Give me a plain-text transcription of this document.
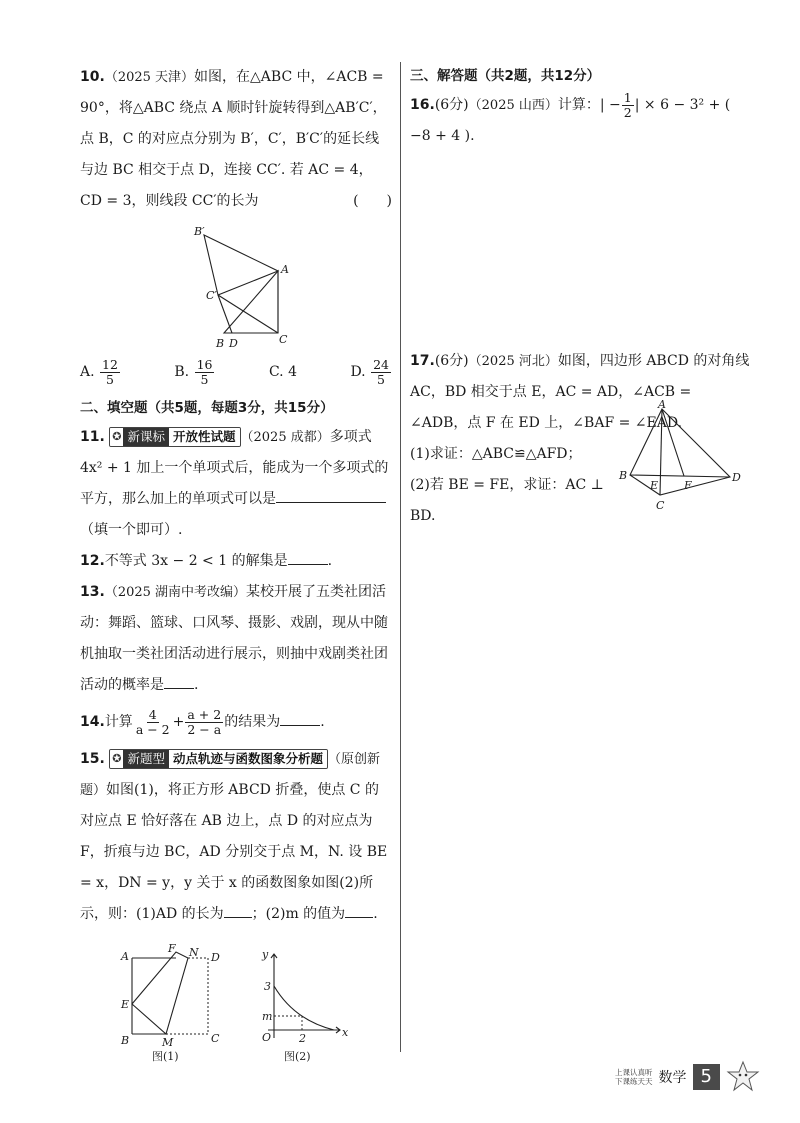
10.（2025 天津）如图，在△ABC 中，∠ACB = 90°，将△ABC 绕点 A 顺时针旋转得到△AB′C′，点 B，C 的对应点分别为 B′，C′，B′C′的延长线与边 BC 相交于点 D，连接 CC′. 若 AC = 4，CD = 3，则线段 CC′的长为	(　　)
B′
A
C′
B D	C
A. $\frac{12}{5}$	B. $\frac{16}{5}$	C. 4	D. $\frac{24}{5}$
二、填空题（共5题，每题3分，共15分）
11. ✪ 新课标 开放性试题 （2025 成都）多项式 4x² + 1 加上一个单项式后，能成为一个多项式的平方，那么加上的单项式可以是（填一个即可）.
12.不等式 3x − 2 < 1 的解集是	.
13.（2025 湖南中考改编）某校开展了五类社团活动：舞蹈、篮球、口风琴、摄影、戏剧，现从中随机抽取一类社团活动进行展示，则抽中戏剧类社团活动的概率是 .
14.计算 $\frac{4}{a - 2} + \frac{a + 2}{2 - a}$ 的结果为	.
15. ✪ 新题型 动点轨迹与函数图象分析题 （原创新题）如图(1)，将正方形 ABCD 折叠，使点 C 的对应点 E 恰好落在 AB 边上，点 D 的对应点为 F，折痕与边 BC，AD 分别交于点 M，N. 设 BE = x，DN = y，y 关于 x 的函数图象如图(2)所示，则：(1)AD 的长为 ；(2)m 的值为 .
A
F N D
E
B	M	C
图(1)
y
x
O
3
m
2
图(2)
三、解答题（共2题，共12分）
16.(6分)（2025 山西）计算：| − $\frac{1}{2}$ | × 6 − 3² + ( −8 + 4 ).
17.(6分)（2025 河北）如图，四边形 ABCD 的对角线 AC，BD 相交于点 E，AC = AD，∠ACB = ∠ADB，点 F 在 ED 上，∠BAF = ∠EAD.
(1)求证：△ABC≌△AFD；
(2)若 BE = FE，求证：AC ⊥ BD.
A
B
E F
D
C
上课认真听
下课练天天 数学 5
